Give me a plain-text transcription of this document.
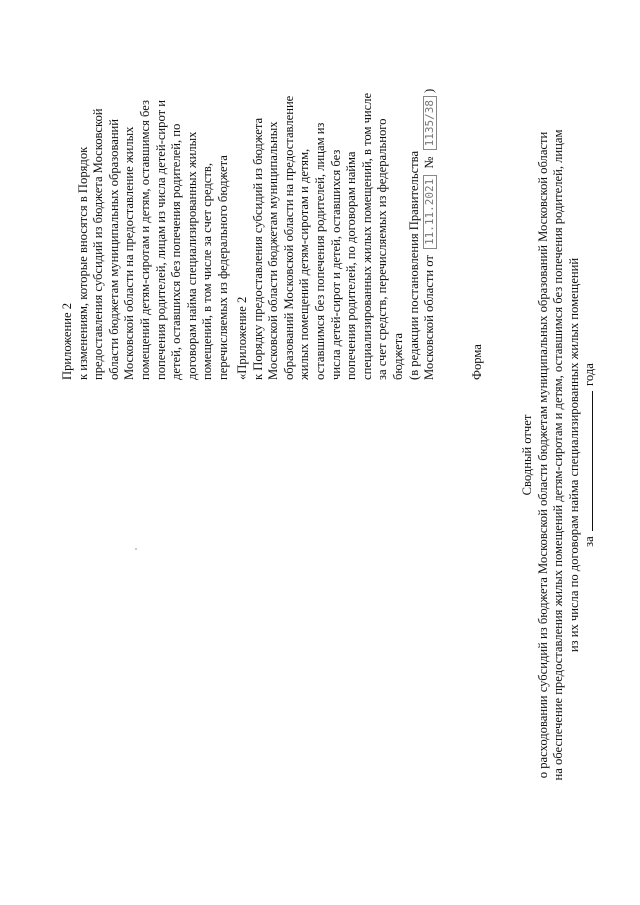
Приложение 2 к изменениям, которые вносятся в Порядок предоставления субсидий из бюджета Московской области бюджетам муниципальных образований Московской области на предоставление жилых помещений детям-сиротам и детям, оставшимся без попечения родителей, лицам из числа детей-сирот и детей, оставшихся без попечения родителей, по договорам найма специализированных жилых помещений, в том числе за счет средств, перечисляемых из федерального бюджета «Приложение 2 к Порядку предоставления субсидий из бюджета Московской области бюджетам муниципальных образований Московской области на предоставление жилых помещений детям-сиротам и детям, оставшимся без попечения родителей, лицам из числа детей-сирот и детей, оставшихся без попечения родителей, по договорам найма специализированных жилых помещений, в том числе за счет средств, перечисляемых из федерального бюджета (в редакции постановления Правительства Московской области от 11.11.2021 № 1135/38)
Форма
Сводный отчет о расходовании субсидий из бюджета Московской области бюджетам муниципальных образований Московской области на обеспечение предоставления жилых помещений детям-сиротам и детям, оставшимся без попечения родителей, лицам из их числа по договорам найма специализированных жилых помещений за  года
